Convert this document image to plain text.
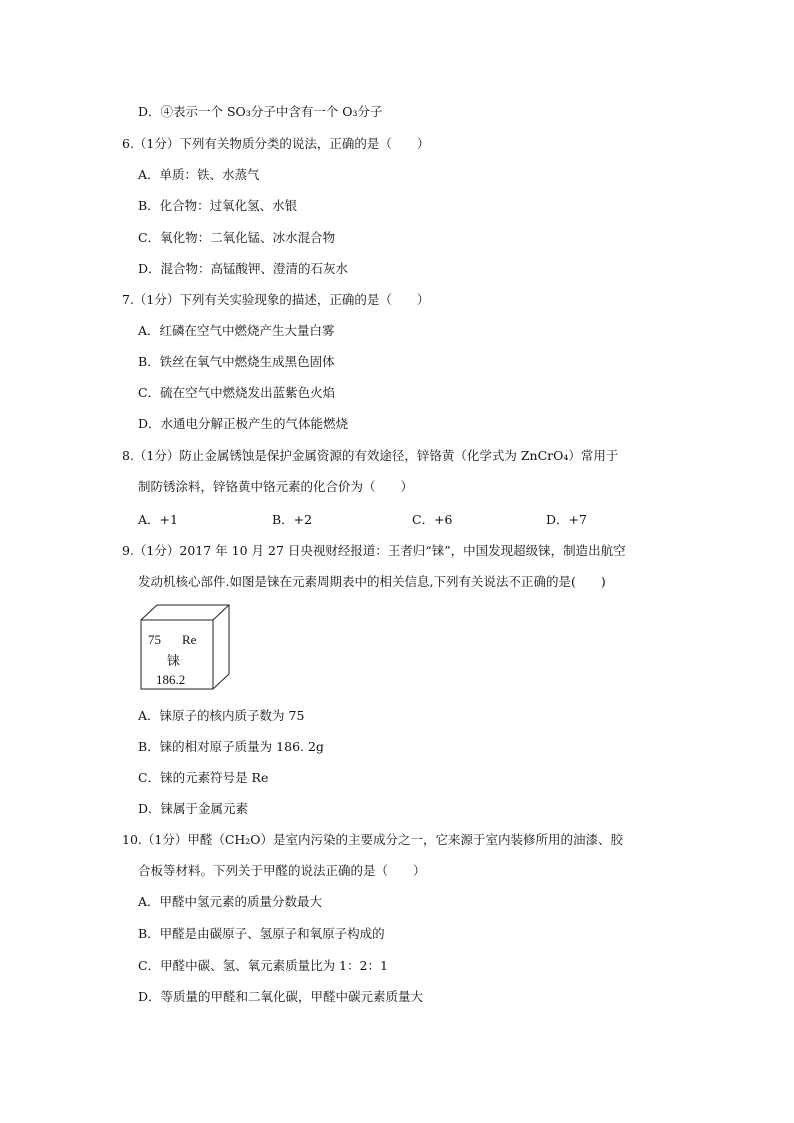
D．④表示一个 SO₃分子中含有一个 O₃分子
6.（1分）下列有关物质分类的说法，正确的是（　　）
A．单质：铁、水蒸气
B．化合物：过氧化氢、水银
C．氧化物：二氧化锰、冰水混合物
D．混合物：高锰酸钾、澄清的石灰水
7.（1分）下列有关实验现象的描述，正确的是（　　）
A．红磷在空气中燃烧产生大量白雾
B．铁丝在氧气中燃烧生成黑色固体
C．硫在空气中燃烧发出蓝紫色火焰
D．水通电分解正极产生的气体能燃烧
8.（1分）防止金属锈蚀是保护金属资源的有效途径，锌铬黄（化学式为 ZnCrO₄）常用于
制防锈涂料，锌铬黄中铬元素的化合价为（　　）
A．+1	B．+2	C．+6	D．+7
9.（1分）2017 年 10 月 27 日央视财经报道：王者归“铼”，中国发现超级铼，制造出航空
发动机核心部件.如图是铼在元素周期表中的相关信息,下列有关说法不正确的是(　　)
75 Re
铼
186.2
A．铼原子的核内质子数为 75
B．铼的相对原子质量为 186. 2g
C．铼的元素符号是 Re
D．铼属于金属元素
10.（1分）甲醛（CH₂O）是室内污染的主要成分之一，它来源于室内装修所用的油漆、胶
合板等材料。下列关于甲醛的说法正确的是（　　）
A．甲醛中氢元素的质量分数最大
B．甲醛是由碳原子、氢原子和氧原子构成的
C．甲醛中碳、氢、氧元素质量比为 1：2：1
D．等质量的甲醛和二氧化碳，甲醛中碳元素质量大
